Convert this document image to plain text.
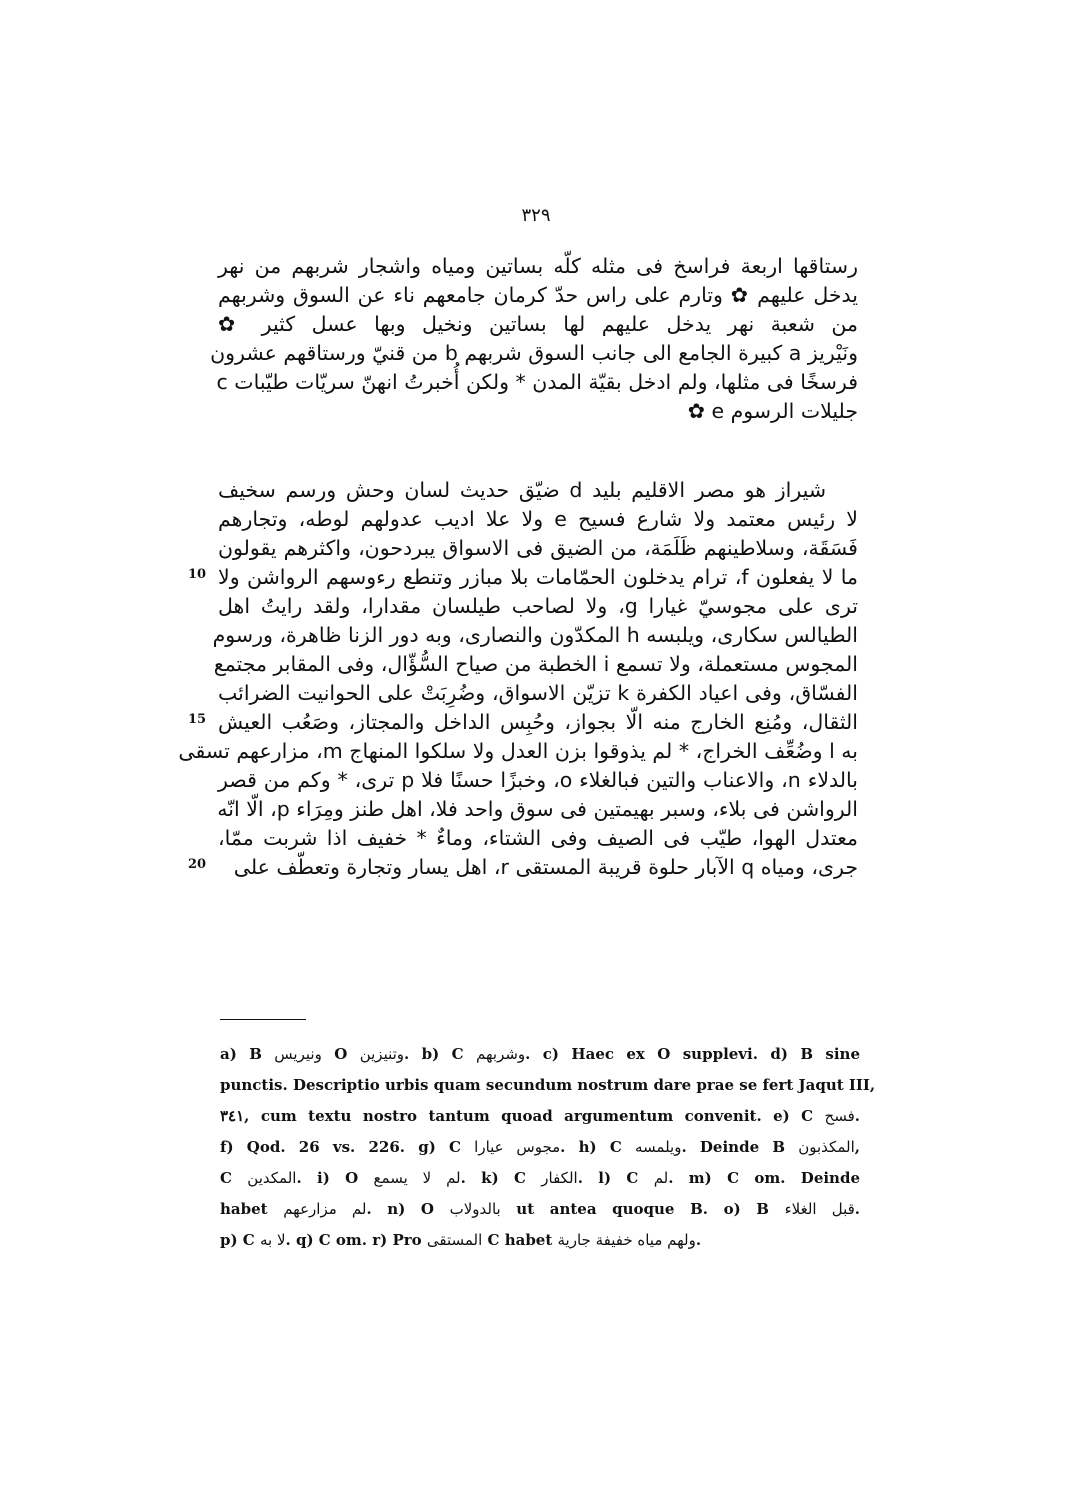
٣٢٩
رستاقها اربعة فراسخ فى مثله كلّه بساتين ومياه واشجار شربهم من نهر
يدخل عليهم ✿ وتارم على راس حدّ كرمان جامعهم ناء عن السوق وشربهم
من شعبة نهر يدخل عليهم لها بساتين ونخيل وبها عسل كثير ✿
ونَيْريز a كبيرة الجامع الى جانب السوق شربهم b من قنيّ ورستاقهم عشرون
فرسخًا فى مثلها، ولم ادخل بقيّة المدن * ولكن أُخبرتُ انهنّ سريّات طيّبات c
جليلات الرسوم e ✿
شيراز هو مصر الاقليم بليد d ضيّق حديث لسان وحش ورسم سخيف
لا رئيس معتمد ولا شارع فسيح e ولا علا اديب عدولهم لوطه، وتجارهم
فَسَقَة، وسلاطينهم ظَلَمَة، من الضيق فى الاسواق يبردحون، واكثرهم يقولون
ما لا يفعلون f، ترام يدخلون الحمّامات بلا مبازر وتنطع رءوسهم الرواشن ولا
10
ترى على مجوسيّ غيارا g، ولا لصاحب طيلسان مقدارا، ولقد رايتُ اهل
الطيالس سكارى، ويلبسه h المكدّون والنصارى، وبه دور الزنا ظاهرة، ورسوم
المجوس مستعملة، ولا تسمع i الخطبة من صياح السُّؤّال، وفى المقابر مجتمع
الفسّاق، وفى اعياد الكفرة k تزيّن الاسواق، وضُرِبَتْ على الحوانيت الضرائب
الثقال، ومُنِع الخارج منه الّا بجواز، وحُبِس الداخل والمجتاز، وصَعُب العيش
15
به l وضُعِّف الخراج، * لم يذوقوا بزن العدل ولا سلكوا المنهاج m، مزارعهم تسقى
بالدلاء n، والاعناب والتين فبالغلاء o، وخبزًا حسنًا فلا p ترى، * وكم من قصر
الرواشن فى بلاء، وسبر بهيمتين فى سوق واحد فلا، اهل طنز ومِرَاء p، الّا انّه
معتدل الهوا، طيّب فى الصيف وفى الشتاء، وماءٌ * خفيف اذا شربت ممّا،
جرى، ومياه q الآبار حلوة قريبة المستقى r، اهل يسار وتجارة وتعطّف على
20
a) B ونيريس O وتنيزين. b) C وشربهم. c) Haec ex O supplevi. d) B sine
punctis. Descriptio urbis quam secundum nostrum dare prae se fert Jaqut III,
٣٤١, cum textu nostro tantum quoad argumentum convenit. e) C فسح.
f) Qod. 26 vs. 226. g) C مجوس عيارا. h) C ويلمسه. Deinde B المكذبون,
C المكدين. i) O لم لا يسمع. k) C الكفار. l) C لم. m) C om. Deinde
habet لم مزارعهم. n) O بالدولاب ut antea quoque B. o) B قبل الغلاء.
p) C لا به. q) C om. r) Pro المستقى C habet ولهم مياه خفيفة جارية.
